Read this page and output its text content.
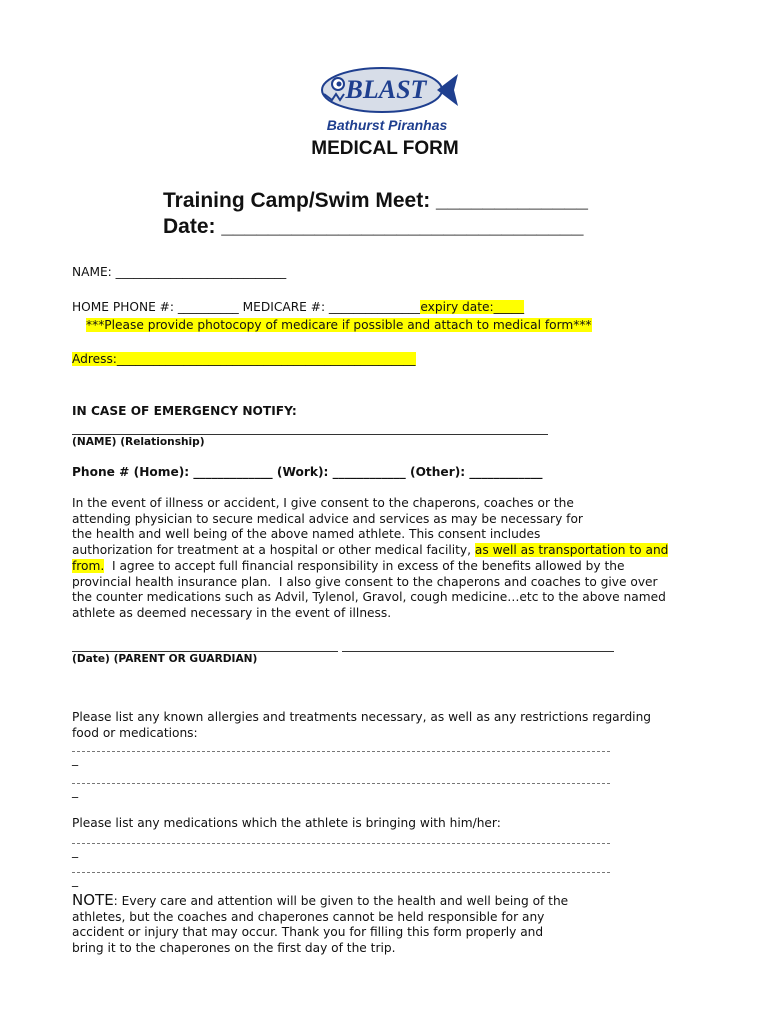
BLAST
Bathurst Piranhas
MEDICAL FORM
Training Camp/Swim Meet: _____________
Date: _______________________________
NAME: ____________________________
HOME PHONE #: __________ MEDICARE #: _______________expiry date:_____
***Please provide photocopy of medicare if possible and attach to medical form***
Adress:_________________________________________________
IN CASE OF EMERGENCY NOTIFY:
(NAME) (Relationship)
Phone # (Home): _____________ (Work): ____________ (Other): ____________
In the event of illness or accident, I give consent to the chaperons, coaches or the
attending physician to secure medical advice and services as may be necessary for
the health and well being of the above named athlete. This consent includes
authorization for treatment at a hospital or other medical facility, as well as transportation to and
from.  I agree to accept full financial responsibility in excess of the benefits allowed by the
provincial health insurance plan.  I also give consent to the chaperons and coaches to give over
the counter medications such as Advil, Tylenol, Gravol, cough medicine…etc to the above named
athlete as deemed necessary in the event of illness.
(Date) (PARENT OR GUARDIAN)
Please list any known allergies and treatments necessary, as well as any restrictions regarding
food or medications:
_
_
Please list any medications which the athlete is bringing with him/her:
_
_
NOTE: Every care and attention will be given to the health and well being of the
athletes, but the coaches and chaperones cannot be held responsible for any
accident or injury that may occur. Thank you for filling this form properly and
bring it to the chaperones on the first day of the trip.
